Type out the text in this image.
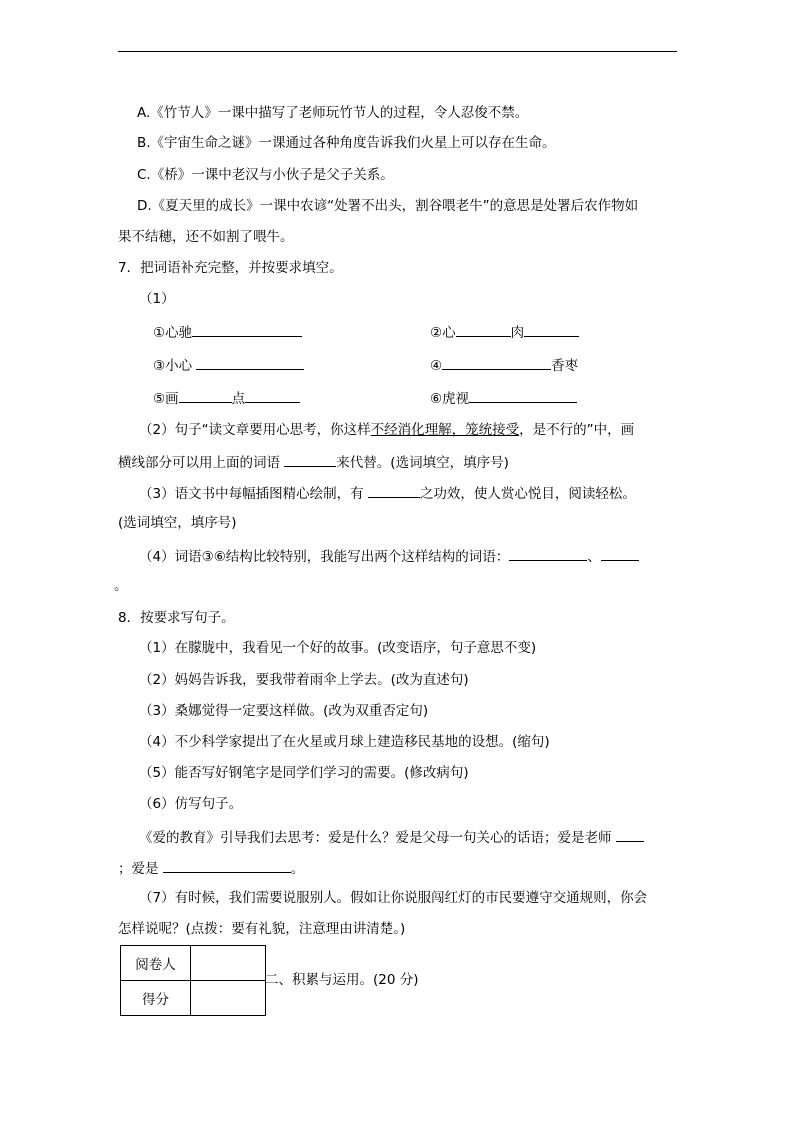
A.《竹节人》一课中描写了老师玩竹节人的过程，令人忍俊不禁。
B.《宇宙生命之谜》一课通过各种角度告诉我们火星上可以存在生命。
C.《桥》一课中老汉与小伙子是父子关系。
D.《夏天里的成长》一课中农谚“处署不出头，割谷喂老牛”的意思是处署后农作物如
果不结穗，还不如割了喂牛。
7．把词语补充完整，并按要求填空。
（1）
①心驰	②心	肉
③小心	④	香枣
⑤画	点	⑥虎视
（2）句子“读文章要用心思考，你这样不经消化理解，笼统接受，是不行的”中，画
横线部分可以用上面的词语	来代替。(选词填空，填序号)
（3）语文书中每幅插图精心绘制，有	之功效，使人赏心悦目，阅读轻松。
(选词填空，填序号)
（4）词语③⑥结构比较特别，我能写出两个这样结构的词语：	、
。
8．按要求写句子。
（1）在朦胧中，我看见一个好的故事。(改变语序，句子意思不变)
（2）妈妈告诉我，要我带着雨伞上学去。(改为直述句)
（3）桑娜觉得一定要这样做。(改为双重否定句)
（4）不少科学家提出了在火星或月球上建造移民基地的设想。(缩句)
（5）能否写好钢笔字是同学们学习的需要。(修改病句)
（6）仿写句子。
《爱的教育》引导我们去思考：爱是什么？爱是父母一句关心的话语；爱是老师
；爱是	。
（7）有时候，我们需要说服别人。假如让你说服闯红灯的市民要遵守交通规则，你会
怎样说呢？(点拨：要有礼貌，注意理由讲清楚。)
阅卷人	
得分	
二、积累与运用。(20 分)
